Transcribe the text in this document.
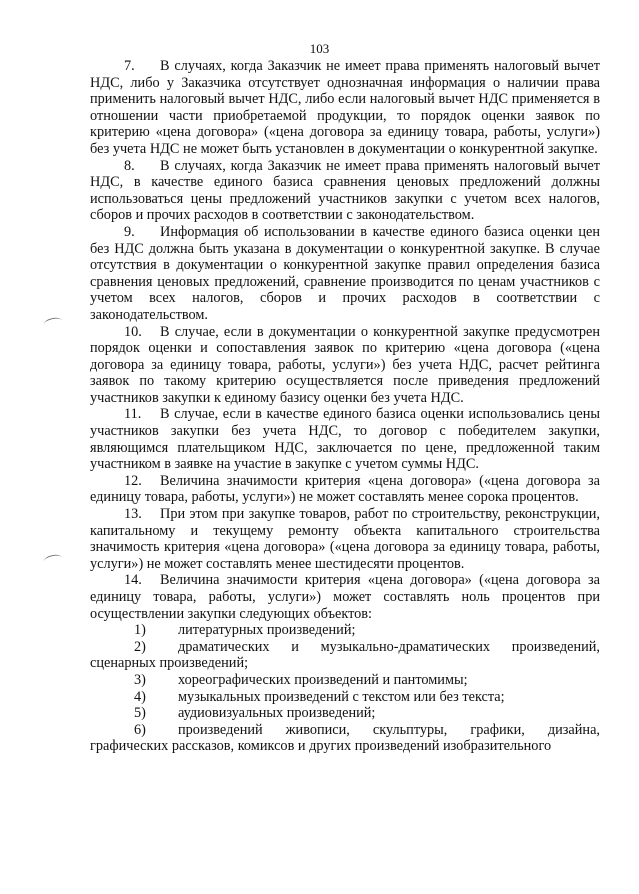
103

7. В случаях, когда Заказчик не имеет права применять налоговый вычет НДС, либо у Заказчика отсутствует однозначная информация о наличии права применить налоговый вычет НДС, либо если налоговый вычет НДС применяется в отношении части приобретаемой продукции, то порядок оценки заявок по критерию «цена договора» («цена договора за единицу товара, работы, услуги») без учета НДС не может быть установлен в документации о конкурентной закупке.

8. В случаях, когда Заказчик не имеет права применять налоговый вычет НДС, в качестве единого базиса сравнения ценовых предложений должны использоваться цены предложений участников закупки с учетом всех налогов, сборов и прочих расходов в соответствии с законодательством.

9. Информация об использовании в качестве единого базиса оценки цен без НДС должна быть указана в документации о конкурентной закупке. В случае отсутствия в документации о конкурентной закупке правил определения базиса сравнения ценовых предложений, сравнение производится по ценам участников с учетом всех налогов, сборов и прочих расходов в соответствии с законодательством.

10. В случае, если в документации о конкурентной закупке предусмотрен порядок оценки и сопоставления заявок по критерию «цена договора («цена договора за единицу товара, работы, услуги») без учета НДС, расчет рейтинга заявок по такому критерию осуществляется после приведения предложений участников закупки к единому базису оценки без учета НДС.

11. В случае, если в качестве единого базиса оценки использовались цены участников закупки без учета НДС, то договор с победителем закупки, являющимся плательщиком НДС, заключается по цене, предложенной таким участником в заявке на участие в закупке с учетом суммы НДС.

12. Величина значимости критерия «цена договора» («цена договора за единицу товара, работы, услуги») не может составлять менее сорока процентов.

13. При этом при закупке товаров, работ по строительству, реконструкции, капитальному и текущему ремонту объекта капитального строительства значимость критерия «цена договора» («цена договора за единицу товара, работы, услуги») не может составлять менее шестидесяти процентов.

14. Величина значимости критерия «цена договора» («цена договора за единицу товара, работы, услуги») может составлять ноль процентов при осуществлении закупки следующих объектов:

1) литературных произведений;

2) драматических и музыкально-драматических произведений, сценарных произведений;

3) хореографических произведений и пантомимы;

4) музыкальных произведений с текстом или без текста;

5) аудиовизуальных произведений;

6) произведений живописи, скульптуры, графики, дизайна, графических рассказов, комиксов и других произведений изобразительного
